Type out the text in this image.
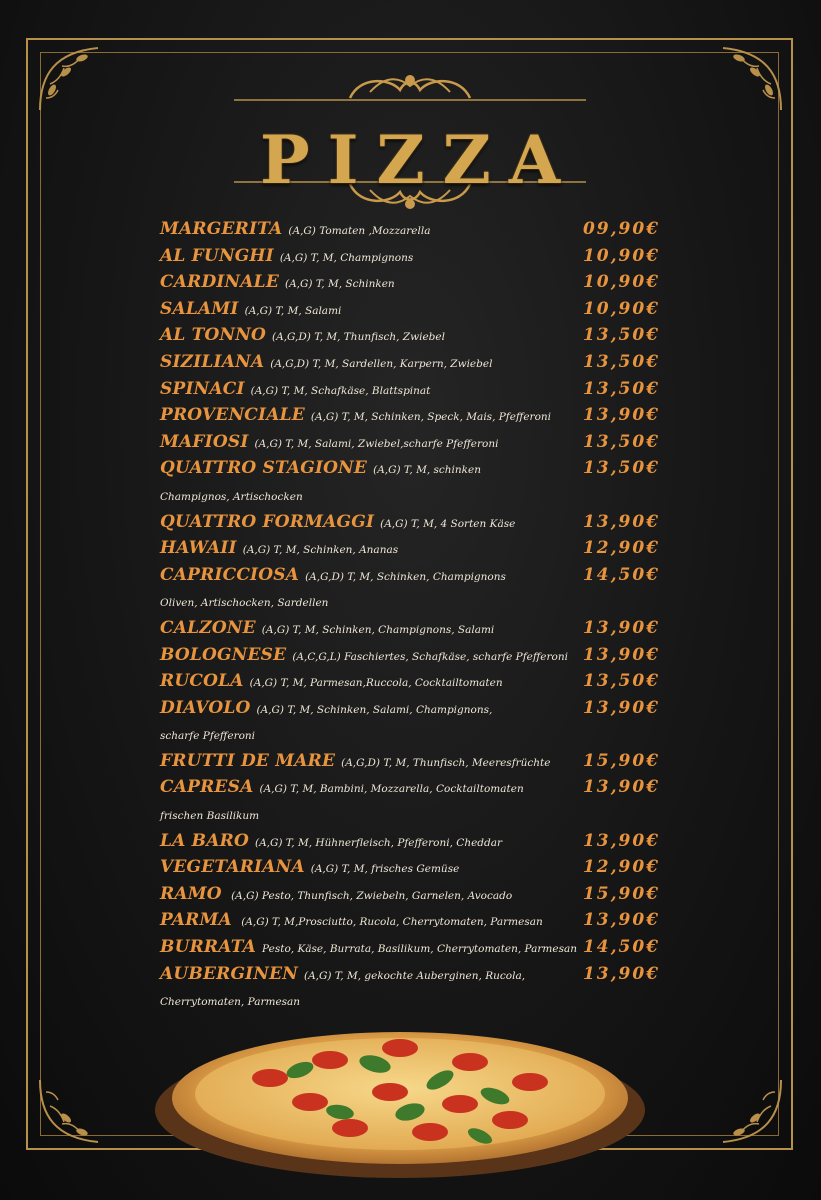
PIZZA
MARGERITA (A,G) Tomaten ,Mozzarella	09,90€
AL FUNGHI (A,G) T, M, Champignons	10,90€
CARDINALE (A,G) T, M, Schinken	10,90€
SALAMI (A,G) T, M, Salami	10,90€
AL TONNO (A,G,D) T, M, Thunfisch, Zwiebel	13,50€
SIZILIANA (A,G,D) T, M, Sardellen, Karpern, Zwiebel	13,50€
SPINACI (A,G) T, M, Schafkäse, Blattspinat	13,50€
PROVENCIALE (A,G) T, M, Schinken, Speck, Mais, Pfefferoni 13,90€
MAFIOSI (A,G) T, M, Salami, Zwiebel,scharfe Pfefferoni	13,50€
QUATTRO STAGIONE (A,G) T, M, schinken	13,50€
Champignos, Artischocken
QUATTRO FORMAGGI (A,G) T, M, 4 Sorten Käse	13,90€
HAWAII (A,G) T, M, Schinken, Ananas	12,90€
CAPRICCIOSA (A,G,D) T, M, Schinken, Champignons	14,50€
Oliven, Artischocken, Sardellen
CALZONE (A,G) T, M, Schinken, Champignons, Salami	13,90€
BOLOGNESE (A,C,G,L) Faschiertes, Schafkäse, scharfe Pfefferoni 13,90€
RUCOLA (A,G) T, M, Parmesan,Ruccola, Cocktailtomaten	13,50€
DIAVOLO (A,G) T, M, Schinken, Salami, Champignons,	13,90€
scharfe Pfefferoni
FRUTTI DE MARE (A,G,D) T, M, Thunfisch, Meeresfrüchte 15,90€
CAPRESA (A,G) T, M, Bambini, Mozzarella, Cocktailtomaten	13,90€
frischen Basilikum
LA BARO (A,G) T, M, Hühnerfleisch, Pfefferoni, Cheddar	13,90€
VEGETARIANA (A,G) T, M, frisches Gemüse	12,90€
RAMO (A,G) Pesto, Thunfisch, Zwiebeln, Garnelen, Avocado	15,90€
PARMA (A,G) T, M,Prosciutto, Rucola, Cherrytomaten, Parmesan 13,90€
BURRATA Pesto, Käse, Burrata, Basilikum, Cherrytomaten, Parmesan 14,50€
AUBERGINEN (A,G) T, M, gekochte Auberginen, Rucola,	13,90€
Cherrytomaten, Parmesan
